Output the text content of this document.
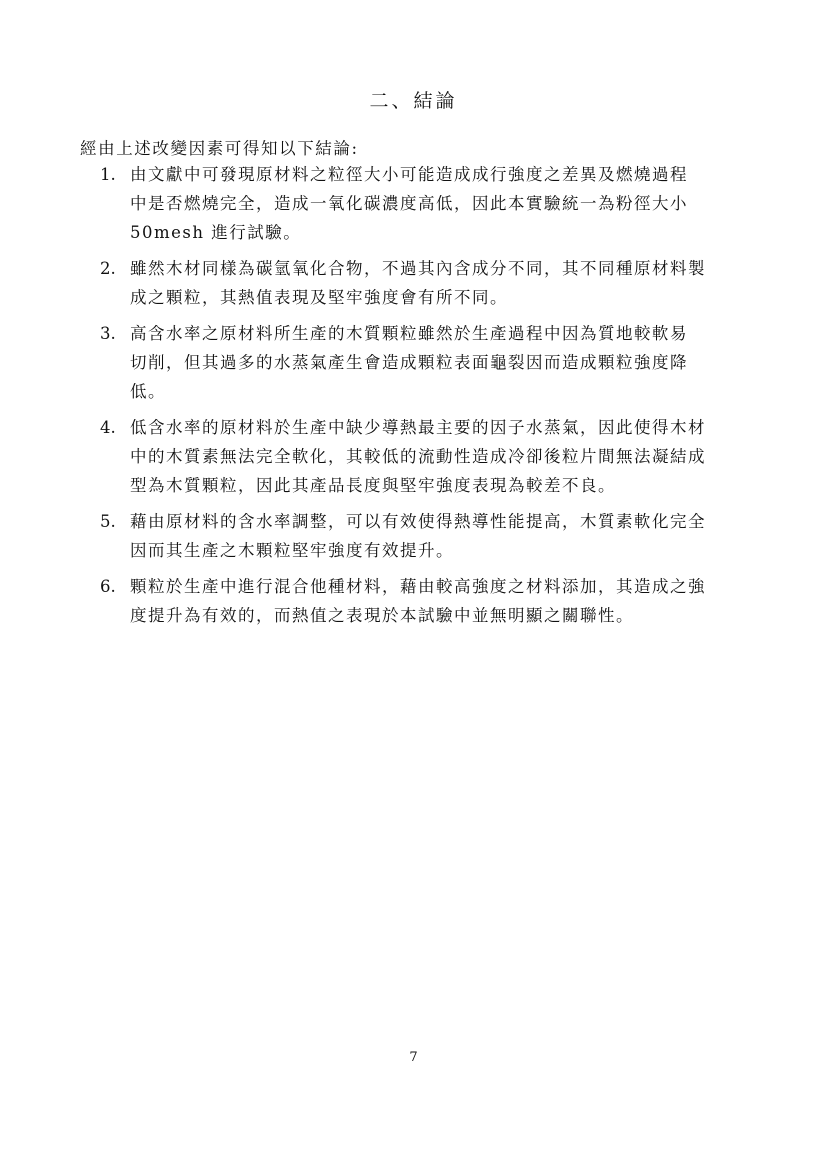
二、結論
經由上述改變因素可得知以下結論:
1. 由文獻中可發現原材料之粒徑大小可能造成成行強度之差異及燃燒過程
中是否燃燒完全，造成一氧化碳濃度高低，因此本實驗統一為粉徑大小
50mesh 進行試驗。
2. 雖然木材同樣為碳氫氧化合物，不過其內含成分不同，其不同種原材料製
成之顆粒，其熱值表現及堅牢強度會有所不同。
3. 高含水率之原材料所生產的木質顆粒雖然於生產過程中因為質地較軟易
切削，但其過多的水蒸氣產生會造成顆粒表面龜裂因而造成顆粒強度降
低。
4. 低含水率的原材料於生產中缺少導熱最主要的因子水蒸氣，因此使得木材
中的木質素無法完全軟化，其較低的流動性造成冷卻後粒片間無法凝結成
型為木質顆粒，因此其產品長度與堅牢強度表現為較差不良。
5. 藉由原材料的含水率調整，可以有效使得熱導性能提高，木質素軟化完全
因而其生產之木顆粒堅牢強度有效提升。
6. 顆粒於生產中進行混合他種材料，藉由較高強度之材料添加，其造成之強
度提升為有效的，而熱值之表現於本試驗中並無明顯之關聯性。
7
